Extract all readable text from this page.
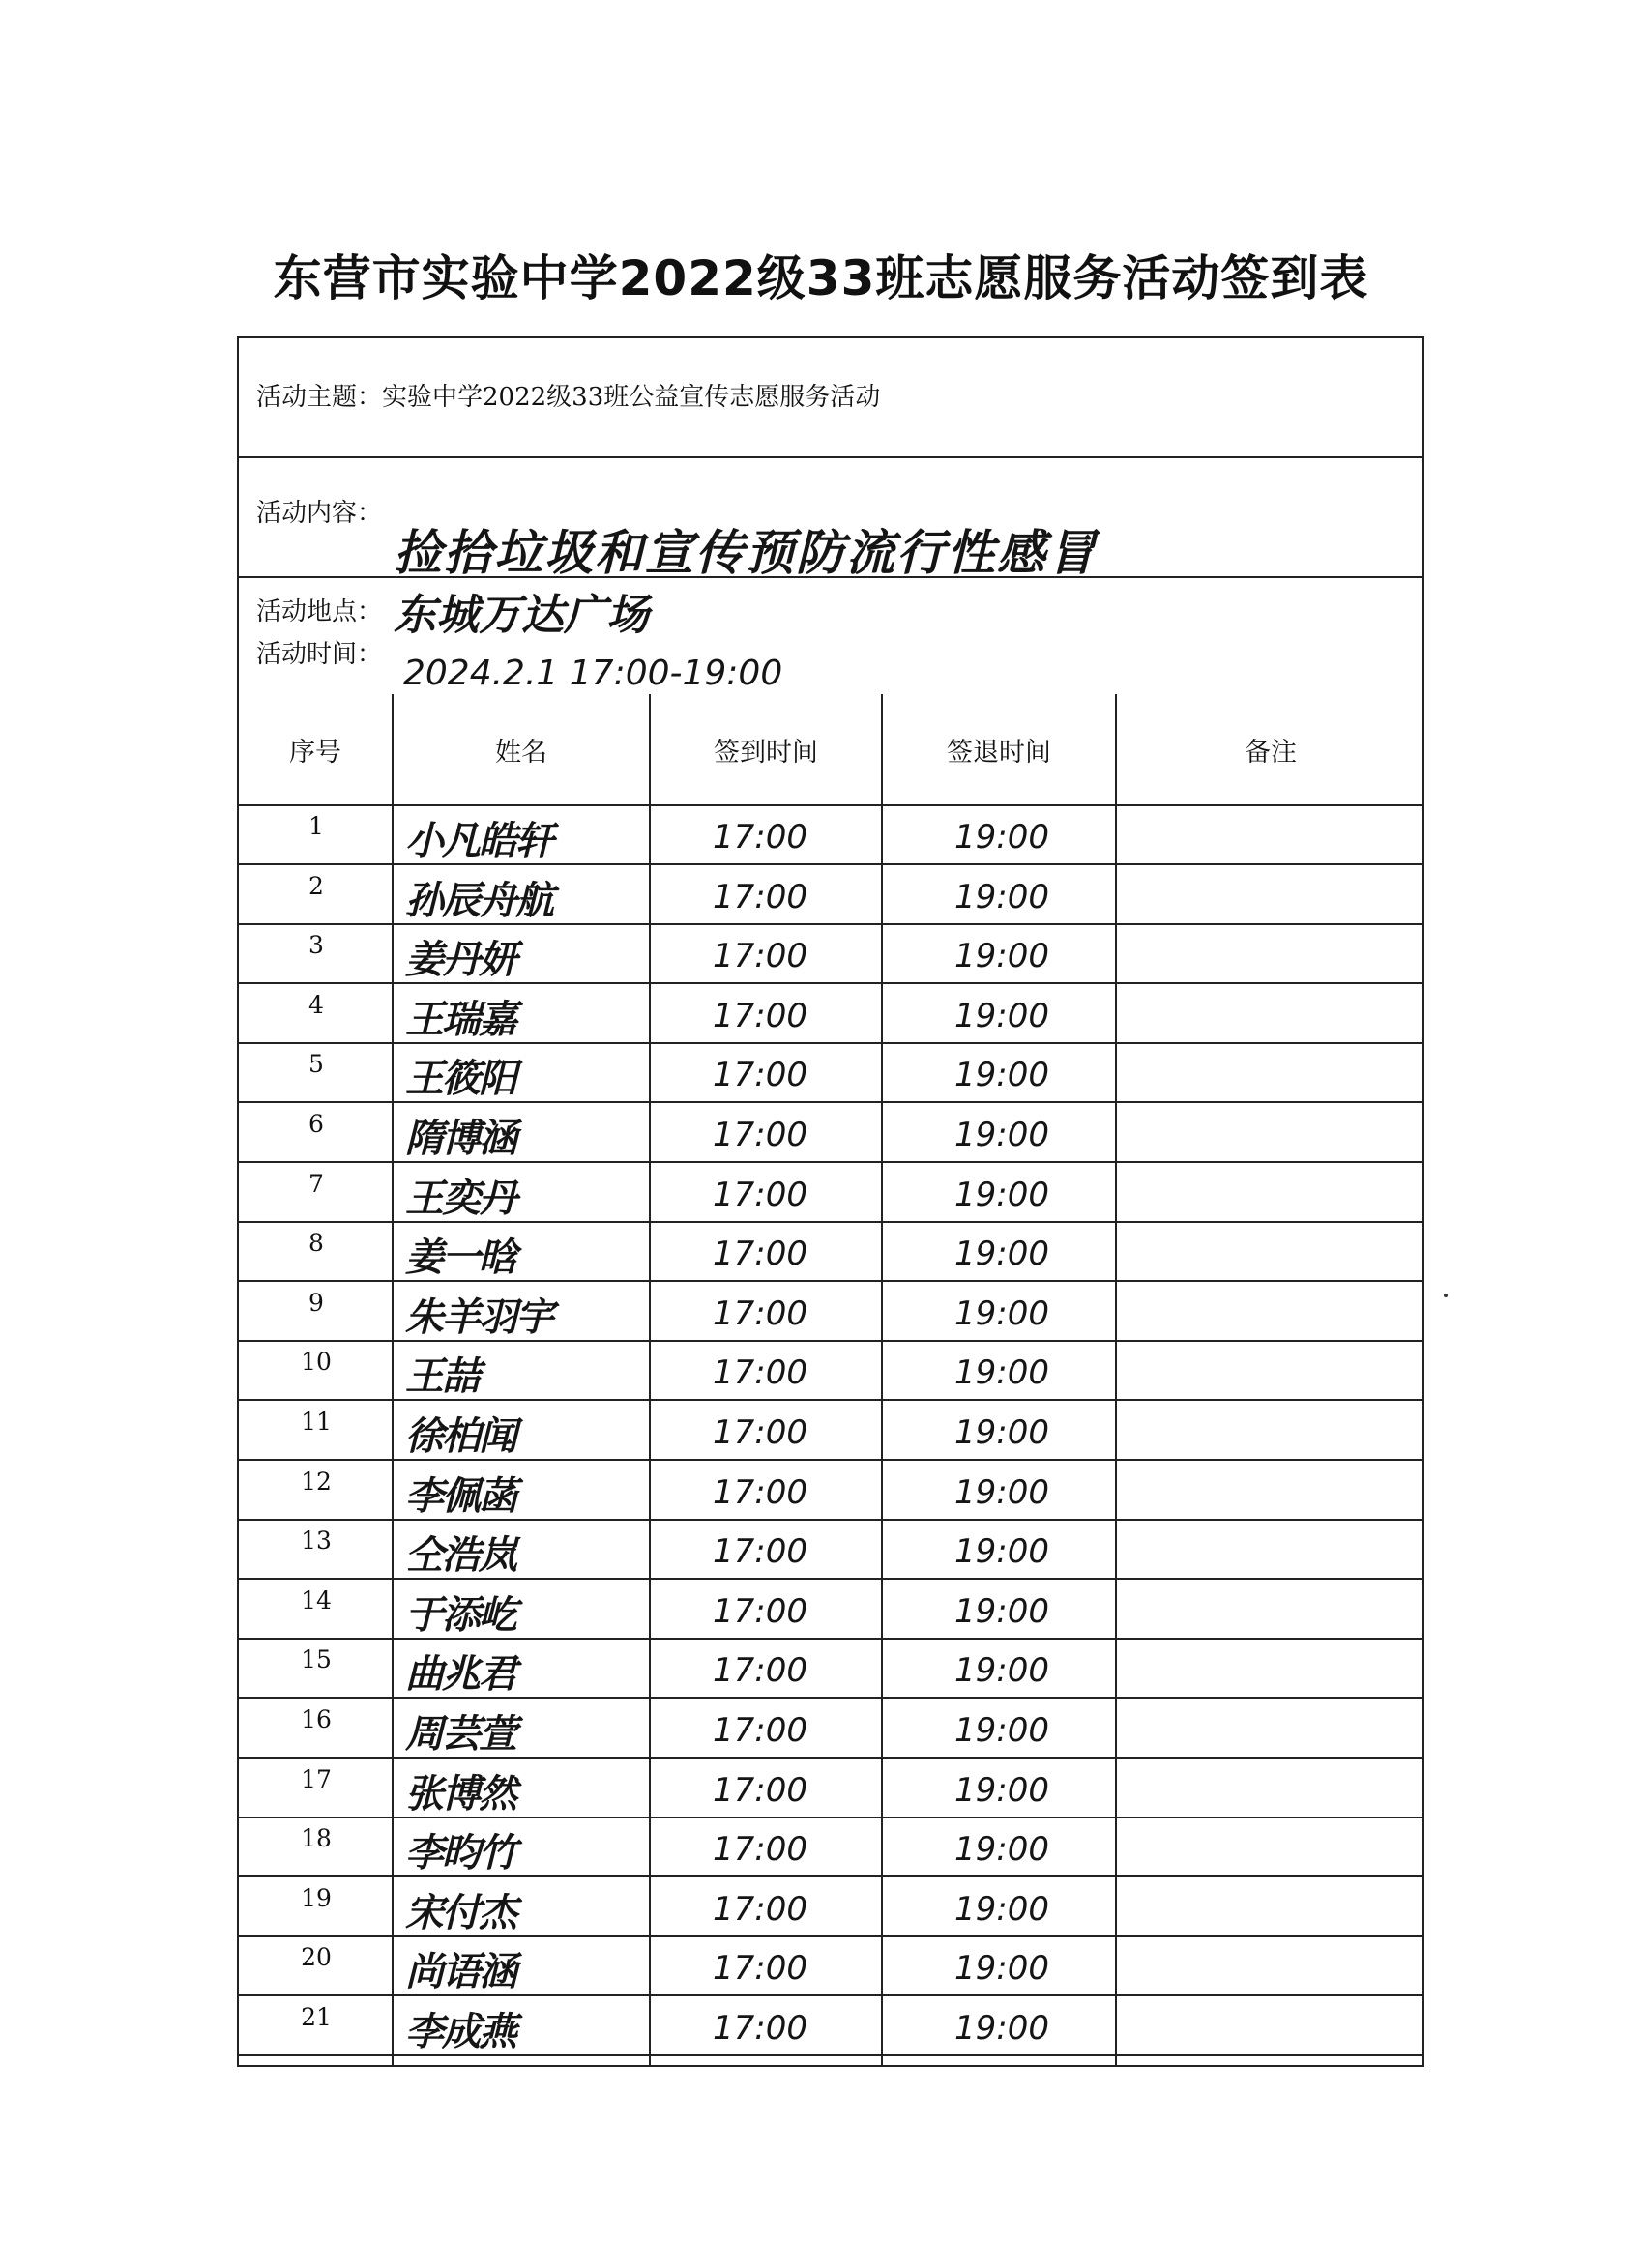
东营市实验中学2022级33班志愿服务活动签到表
活动主题： 实验中学2022级33班公益宣传志愿服务活动
活动内容：
捡拾垃圾和宣传预防流行性感冒
活动地点： 东城万达广场
活动时间： 2024.2.1 17:00-19:00
序号	姓名	签到时间	签退时间	备注
1	小凡皓轩	17:00	19:00
2	孙辰舟航	17:00	19:00
3	姜丹妍	17:00	19:00
4	王瑞嘉	17:00	19:00
5	王筱阳	17:00	19:00
6	隋博涵	17:00	19:00
7	王奕丹	17:00	19:00
8	姜一晗	17:00	19:00
9	朱羊羽宇	17:00	19:00
10	王喆	17:00	19:00
11	徐柏闻	17:00	19:00
12	李佩菡	17:00	19:00
13	仝浩岚	17:00	19:00
14	于添屹	17:00	19:00
15	曲兆君	17:00	19:00
16	周芸萱	17:00	19:00
17	张博然	17:00	19:00
18	李昀竹	17:00	19:00
19	宋付杰	17:00	19:00
20	尚语涵	17:00	19:00
21	李成燕	17:00	19:00
